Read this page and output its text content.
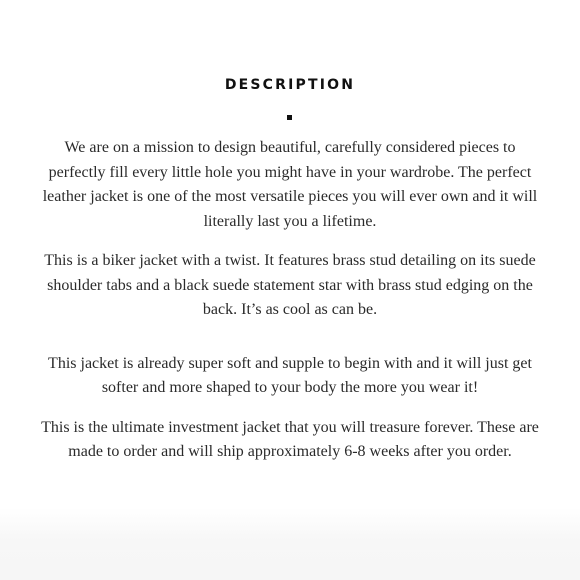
DESCRIPTION

We are on a mission to design beautiful, carefully considered pieces to perfectly fill every little hole you might have in your wardrobe. The perfect leather jacket is one of the most versatile pieces you will ever own and it will literally last you a lifetime.

This is a biker jacket with a twist. It features brass stud detailing on its suede shoulder tabs and a black suede statement star with brass stud edging on the back. It’s as cool as can be.

This jacket is already super soft and supple to begin with and it will just get softer and more shaped to your body the more you wear it!

This is the ultimate investment jacket that you will treasure forever. These are made to order and will ship approximately 6-8 weeks after you order.
